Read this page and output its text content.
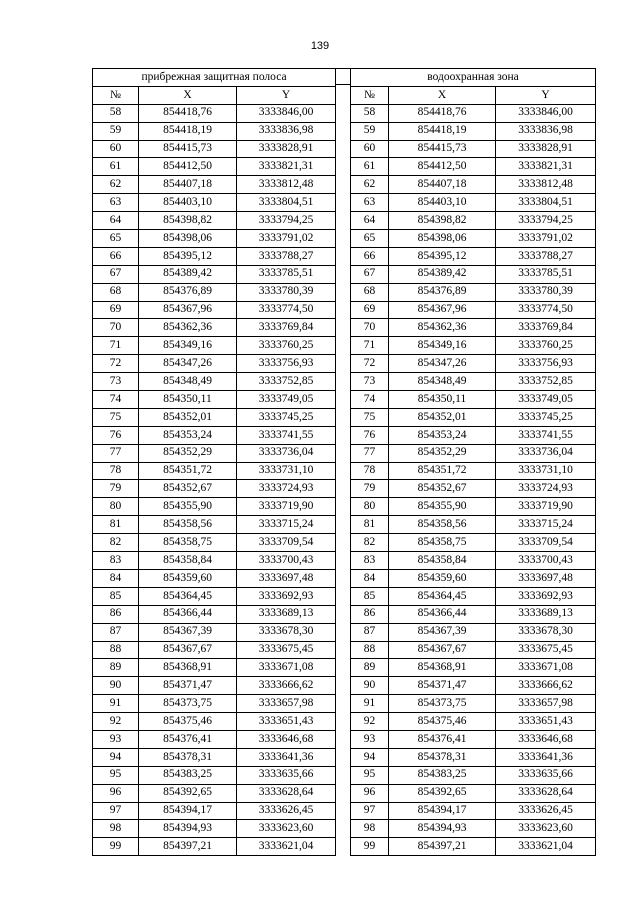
139
прибрежная защитная полоса		
№	X	Y
58	854418,76	3333846,00
59	854418,19	3333836,98
60	854415,73	3333828,91
61	854412,50	3333821,31
62	854407,18	3333812,48
63	854403,10	3333804,51
64	854398,82	3333794,25
65	854398,06	3333791,02
66	854395,12	3333788,27
67	854389,42	3333785,51
68	854376,89	3333780,39
69	854367,96	3333774,50
70	854362,36	3333769,84
71	854349,16	3333760,25
72	854347,26	3333756,93
73	854348,49	3333752,85
74	854350,11	3333749,05
75	854352,01	3333745,25
76	854353,24	3333741,55
77	854352,29	3333736,04
78	854351,72	3333731,10
79	854352,67	3333724,93
80	854355,90	3333719,90
81	854358,56	3333715,24
82	854358,75	3333709,54
83	854358,84	3333700,43
84	854359,60	3333697,48
85	854364,45	3333692,93
86	854366,44	3333689,13
87	854367,39	3333678,30
88	854367,67	3333675,45
89	854368,91	3333671,08
90	854371,47	3333666,62
91	854373,75	3333657,98
92	854375,46	3333651,43
93	854376,41	3333646,68
94	854378,31	3333641,36
95	854383,25	3333635,66
96	854392,65	3333628,64
97	854394,17	3333626,45
98	854394,93	3333623,60
99	854397,21	3333621,04
водоохранная зона		
№	X	Y
58	854418,76	3333846,00
59	854418,19	3333836,98
60	854415,73	3333828,91
61	854412,50	3333821,31
62	854407,18	3333812,48
63	854403,10	3333804,51
64	854398,82	3333794,25
65	854398,06	3333791,02
66	854395,12	3333788,27
67	854389,42	3333785,51
68	854376,89	3333780,39
69	854367,96	3333774,50
70	854362,36	3333769,84
71	854349,16	3333760,25
72	854347,26	3333756,93
73	854348,49	3333752,85
74	854350,11	3333749,05
75	854352,01	3333745,25
76	854353,24	3333741,55
77	854352,29	3333736,04
78	854351,72	3333731,10
79	854352,67	3333724,93
80	854355,90	3333719,90
81	854358,56	3333715,24
82	854358,75	3333709,54
83	854358,84	3333700,43
84	854359,60	3333697,48
85	854364,45	3333692,93
86	854366,44	3333689,13
87	854367,39	3333678,30
88	854367,67	3333675,45
89	854368,91	3333671,08
90	854371,47	3333666,62
91	854373,75	3333657,98
92	854375,46	3333651,43
93	854376,41	3333646,68
94	854378,31	3333641,36
95	854383,25	3333635,66
96	854392,65	3333628,64
97	854394,17	3333626,45
98	854394,93	3333623,60
99	854397,21	3333621,04
